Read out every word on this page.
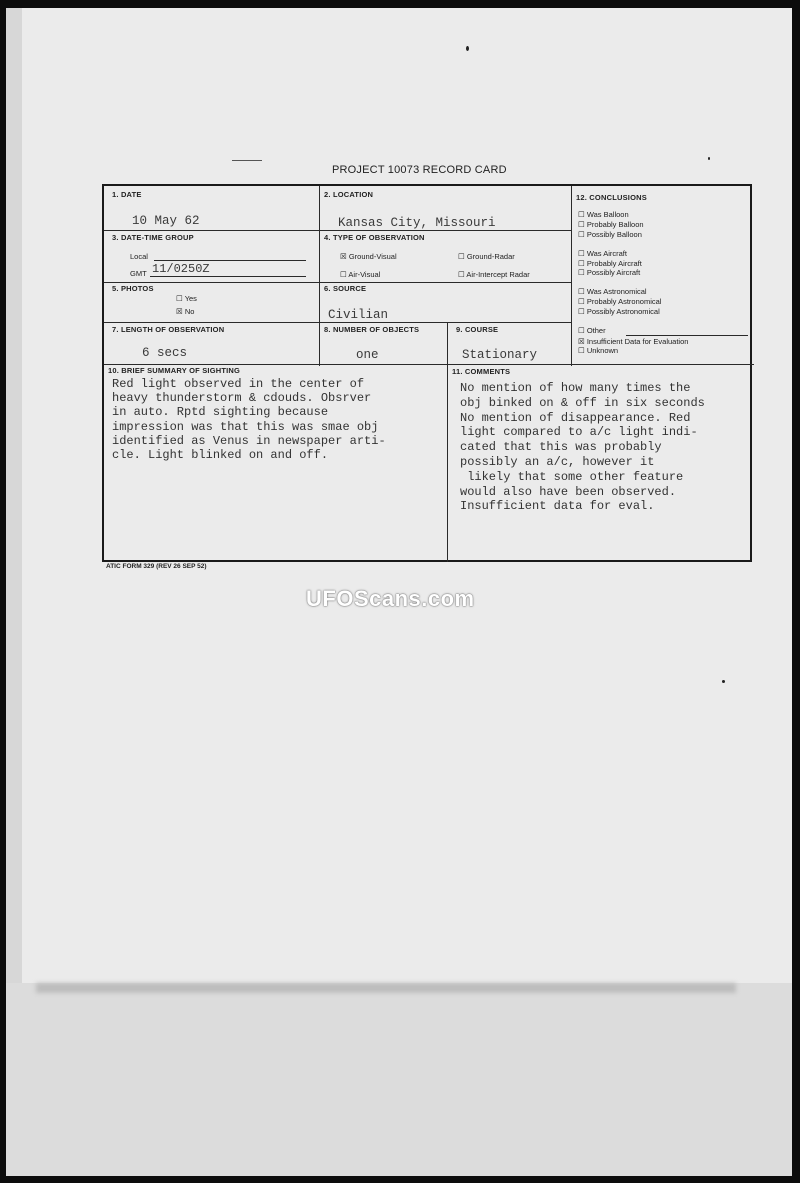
PROJECT 10073 RECORD CARD
1. DATE
10 May 62
2. LOCATION
Kansas City, Missouri
3. DATE-TIME GROUP
Local
GMT 11/0250Z
4. TYPE OF OBSERVATION
☒ Ground-Visual	☐ Ground-Radar
☐ Air-Visual	☐ Air-Intercept Radar
5. PHOTOS
☐ Yes
☒ No
6. SOURCE
Civilian
7. LENGTH OF OBSERVATION
6 secs
8. NUMBER OF OBJECTS
one
9. COURSE
Stationary
10. BRIEF SUMMARY OF SIGHTING
Red light observed in the center of
heavy thunderstorm & cdouds. Obsrver
in auto. Rptd sighting because
impression was that this was smae obj
identified as Venus in newspaper arti-
cle. Light blinked on and off.
11. COMMENTS
No mention of how many times the
obj binked on & off in six seconds
No mention of disappearance. Red
light compared to a/c light indi-
cated that this was probably
possibly an a/c, however it
likely that some other feature
would also have been observed.
Insufficient data for eval.
12. CONCLUSIONS
☐ Was Balloon
☐ Probably Balloon
☐ Possibly Balloon
☐ Was Aircraft
☐ Probably Aircraft
☐ Possibly Aircraft
☐ Was Astronomical
☐ Probably Astronomical
☐ Possibly Astronomical
☐ Other
☒ Insufficient Data for Evaluation
☐ Unknown
ATIC FORM 329 (REV 26 SEP 52)
UFOScans.com
